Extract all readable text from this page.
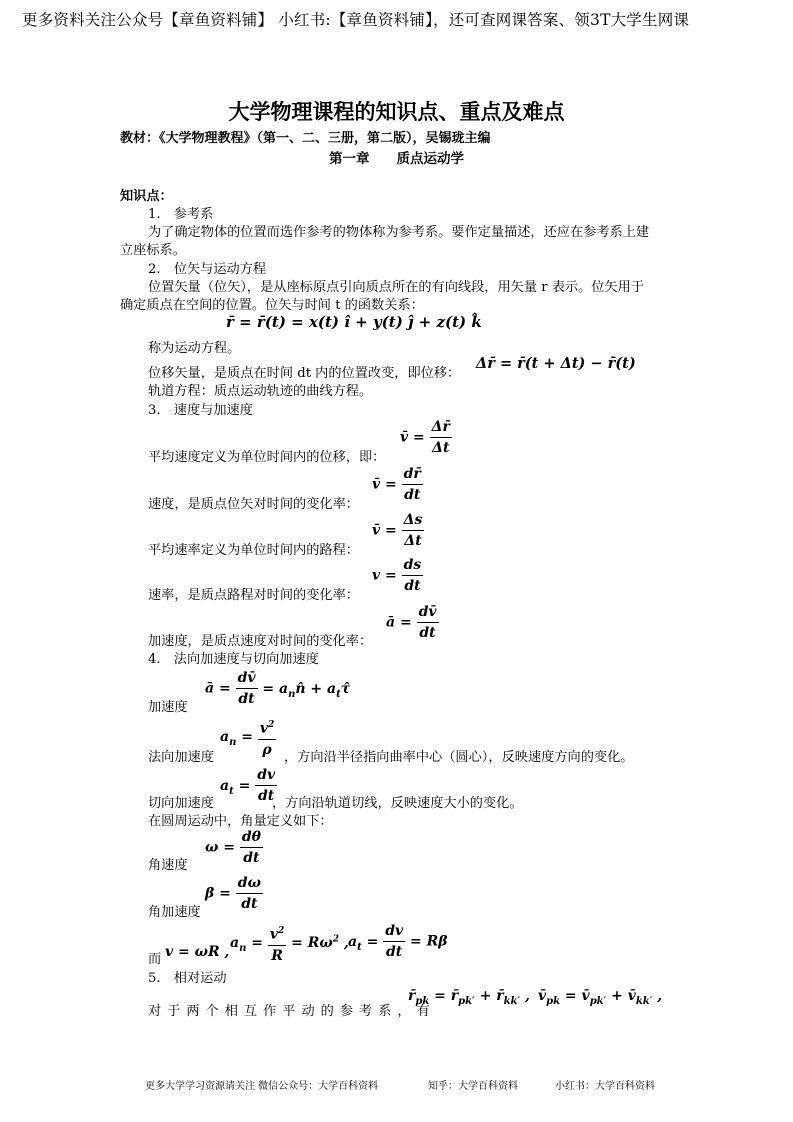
更多资料关注公众号【章鱼资料铺】 小红书:【章鱼资料铺】，还可查网课答案、领3T大学生网课
大学物理课程的知识点、重点及难点
教材：《大学物理教程》（第一、二、三册，第二版），吴锡珑主编
第一章　　质点运动学
知识点：
1.　参考系
为了确定物体的位置而选作参考的物体称为参考系。要作定量描述，还应在参考系上建
立座标系。
2.　位矢与运动方程
位置矢量（位矢），是从座标原点引向质点所在的有向线段，用矢量 r 表示。位矢用于
确定质点在空间的位置。位矢与时间 t 的函数关系：
r̄ = r̄(t) = x(t) î + y(t) ĵ + z(t) k̂
称为运动方程。
位移矢量，是质点在时间 dt 内的位置改变，即位移：
Δr̄ = r̄(t + Δt) − r̄(t)
轨道方程：质点运动轨迹的曲线方程。
3.　速度与加速度
平均速度定义为单位时间内的位移，即：
v̄ = $\frac{\Delta r̄}{\Delta t}$
速度，是质点位矢对时间的变化率：
v̄ = $\frac{dr̄}{dt}$
平均速率定义为单位时间内的路程：
v̄ = $\frac{\Delta s}{\Delta t}$
速率，是质点路程对时间的变化率：
$v = \frac{ds}{dt}$
加速度，是质点速度对时间的变化率：
ā = $\frac{dv̄}{dt}$
4.　法向加速度与切向加速度
ā = $\frac{dv̄}{dt}$ = $a_nn̂$ + $a_t\taû$
加速度
$a_n = \frac{v^2}{\rho}$
法向加速度	，方向沿半径指向曲率中心（圆心），反映速度方向的变化。
$a_t = \frac{dv}{dt}$
切向加速度	，方向沿轨道切线，反映速度大小的变化。
在圆周运动中，角量定义如下：
$\omega = \frac{d\theta}{dt}$
角速度
$\beta = \frac{d\omega}{dt}$
角加速度
而 v = ωR ,
$a_n = \frac{v^2}{R} = R\omega^2$ , $a_t = \frac{dv}{dt} = R\beta$
5.　相对运动
对于两个相互作平动的参考系，有
$r̄_{pk}$ = $r̄_{pk'}$ + $r̄_{kk'}$ , $v̄_{pk}$ = $v̄_{pk'}$ + $v̄_{kk'}$ ,
更多大学学习资源请关注 微信公众号：大学百科资料	知乎：大学百科资料	小红书：大学百科资料
